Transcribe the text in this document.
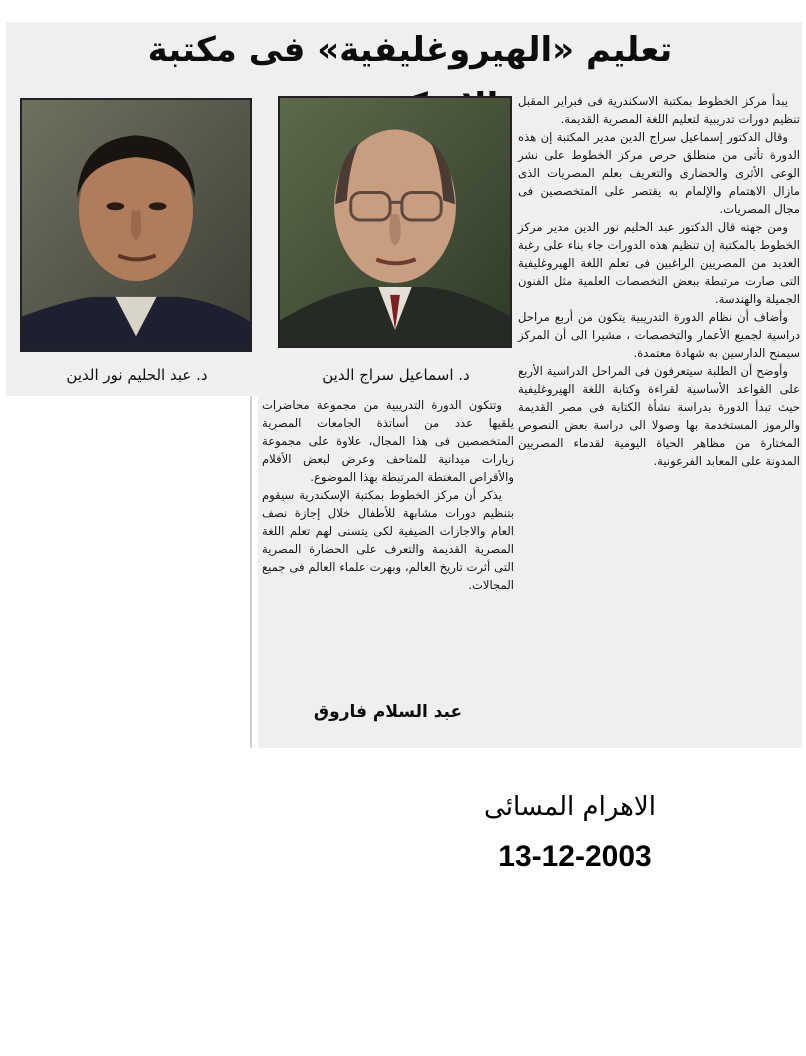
تعليم «الهيروغليفية» فى مكتبة
د. عبد الحليم نور الدين	د. اسماعيل سراج الدين

يبدأ مركز الخطوط بمكتبة الاسكندرية فى فبراير المقبل تنظيم دورات تدريبية لتعليم اللغة المصرية القديمة.

وقال الدكتور إسماعيل سراج الدين مدير المكتبة إن هذه الدورة تأتى من منطلق حرص مركز الخطوط على نشر الوعى الأثرى والحضارى والتعريف بعلم المصريات الذى مازال الاهتمام والإلمام به يقتصر على المتخصصين فى مجال المصريات.

ومن جهته قال الدكتور عبد الحليم نور الدين مدير مركز الخطوط بالمكتبة إن تنظيم هذه الدورات جاء بناء على رغبة العديد من المصريين الراغبين فى تعلم اللغة الهيروغليفية التى صارت مرتبطة ببعض التخصصات العلمية مثل الفنون الجميلة والهندسة.

وأضاف أن نظام الدورة التدريبية يتكون من أربع مراحل دراسية لجميع الأعمار والتخصصات ، مشيرا الى أن المركز سيمنح الدارسين به شهادة معتمدة.

وأوضح أن الطلبة سيتعرفون فى المراحل الدراسية الأربع على القواعد الأساسية لقراءة وكتابة اللغة الهيروغليفية حيث تبدأ الدورة بدراسة نشأة الكتابة فى مصر القديمة والرموز المستخدمة بها وصولا الى دراسة بعض النصوص المختارة من مظاهر الحياة اليومية لقدماء المصريين المدونة على المعابد الفرعونية.

وتتكون الدورة التدريبية من مجموعة محاضرات يلقيها عدد من أساتذة الجامعات المصرية المتخصصين فى هذا المجال، علاوة على مجموعة زيارات ميدانية للمتاحف وعرض لبعض الأفلام والأقراص المغنطة المرتبطة بهذا الموضوع.

يذكر أن مركز الخطوط بمكتبة الإسكندرية سيقوم بتنظيم دورات مشابهة للأطفال خلال إجازة نصف العام والاجازات الصيفية لكى يتسنى لهم تعلم اللغة المصرية القديمة والتعرف على الحضارة المصرية التى أثرت تاريخ العالم، وبهرت علماء العالم فى جميع المجالات.

عبد السلام فاروق
الاهرام المسائى
13-12-2003
